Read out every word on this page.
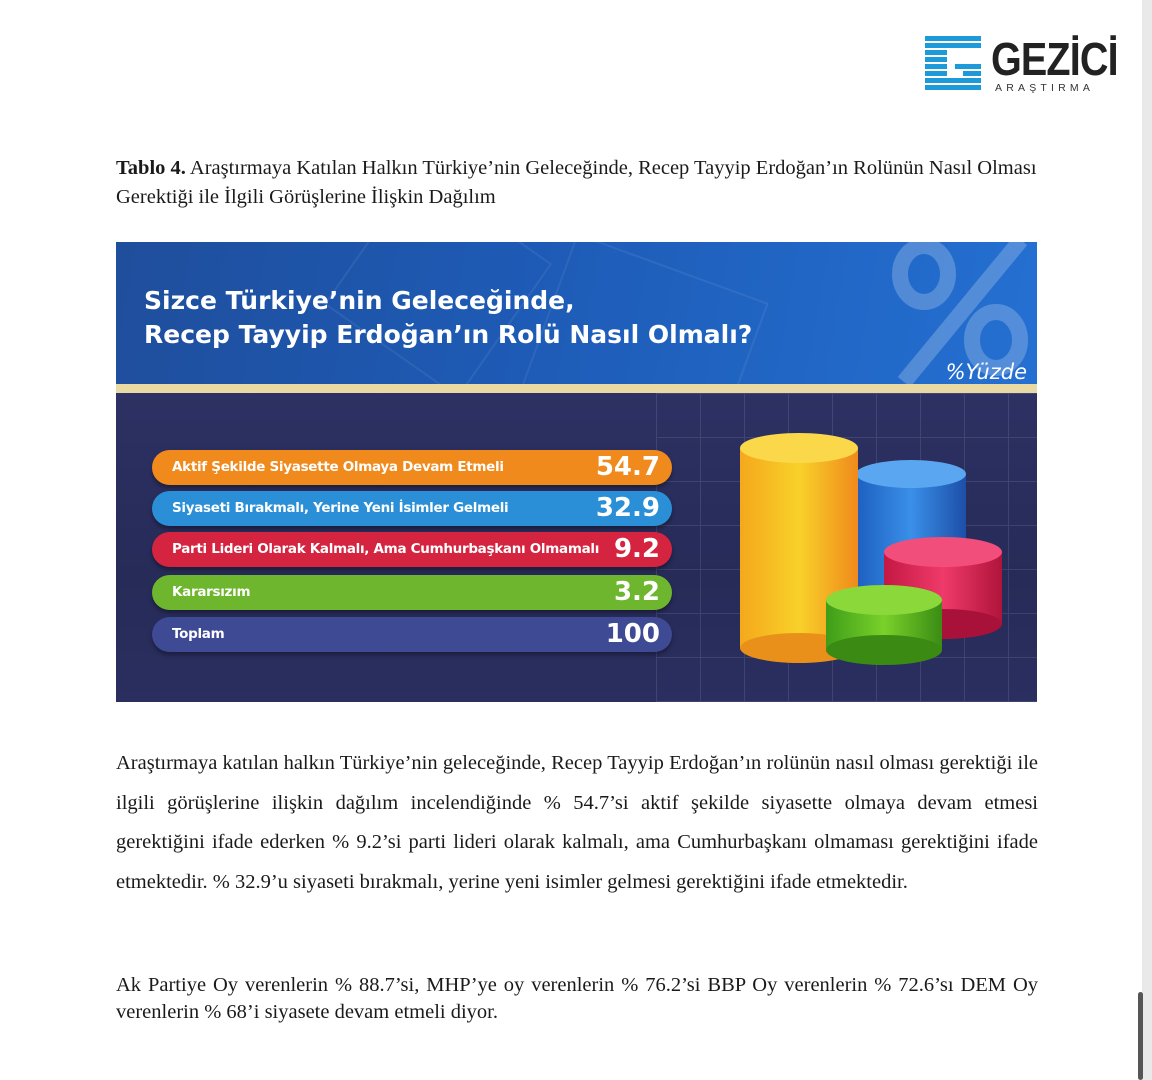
GEZİCİ
ARAŞTIRMA
Tablo 4. Araştırmaya Katılan Halkın Türkiye’nin Geleceğinde, Recep Tayyip Erdoğan’ın Rolünün Nasıl Olması Gerektiği ile İlgili Görüşlerine İlişkin Dağılım
Sizce Türkiye’nin Geleceğinde,
Recep Tayyip Erdoğan’ın Rolü Nasıl Olmalı?
%Yüzde
Aktif Şekilde Siyasette Olmaya Devam Etmeli	54.7
Siyaseti Bırakmalı, Yerine Yeni İsimler Gelmeli	32.9
Parti Lideri Olarak Kalmalı, Ama Cumhurbaşkanı Olmamalı 9.2
Kararsızım	3.2
Toplam	100

Araştırmaya katılan halkın Türkiye’nin geleceğinde, Recep Tayyip Erdoğan’ın rolünün nasıl olması gerektiği ile ilgili görüşlerine ilişkin dağılım incelendiğinde % 54.7’si aktif şekilde siyasette olmaya devam etmesi gerektiğini ifade ederken % 9.2’si parti lideri olarak kalmalı, ama Cumhurbaşkanı olmaması gerektiğini ifade etmektedir. % 32.9’u siyaseti bırakmalı, yerine yeni isimler gelmesi gerektiğini ifade etmektedir.

Ak Partiye Oy verenlerin % 88.7’si, MHP’ye oy verenlerin % 76.2’si BBP Oy verenlerin % 72.6’sı DEM Oy verenlerin % 68’i siyasete devam etmeli diyor.
